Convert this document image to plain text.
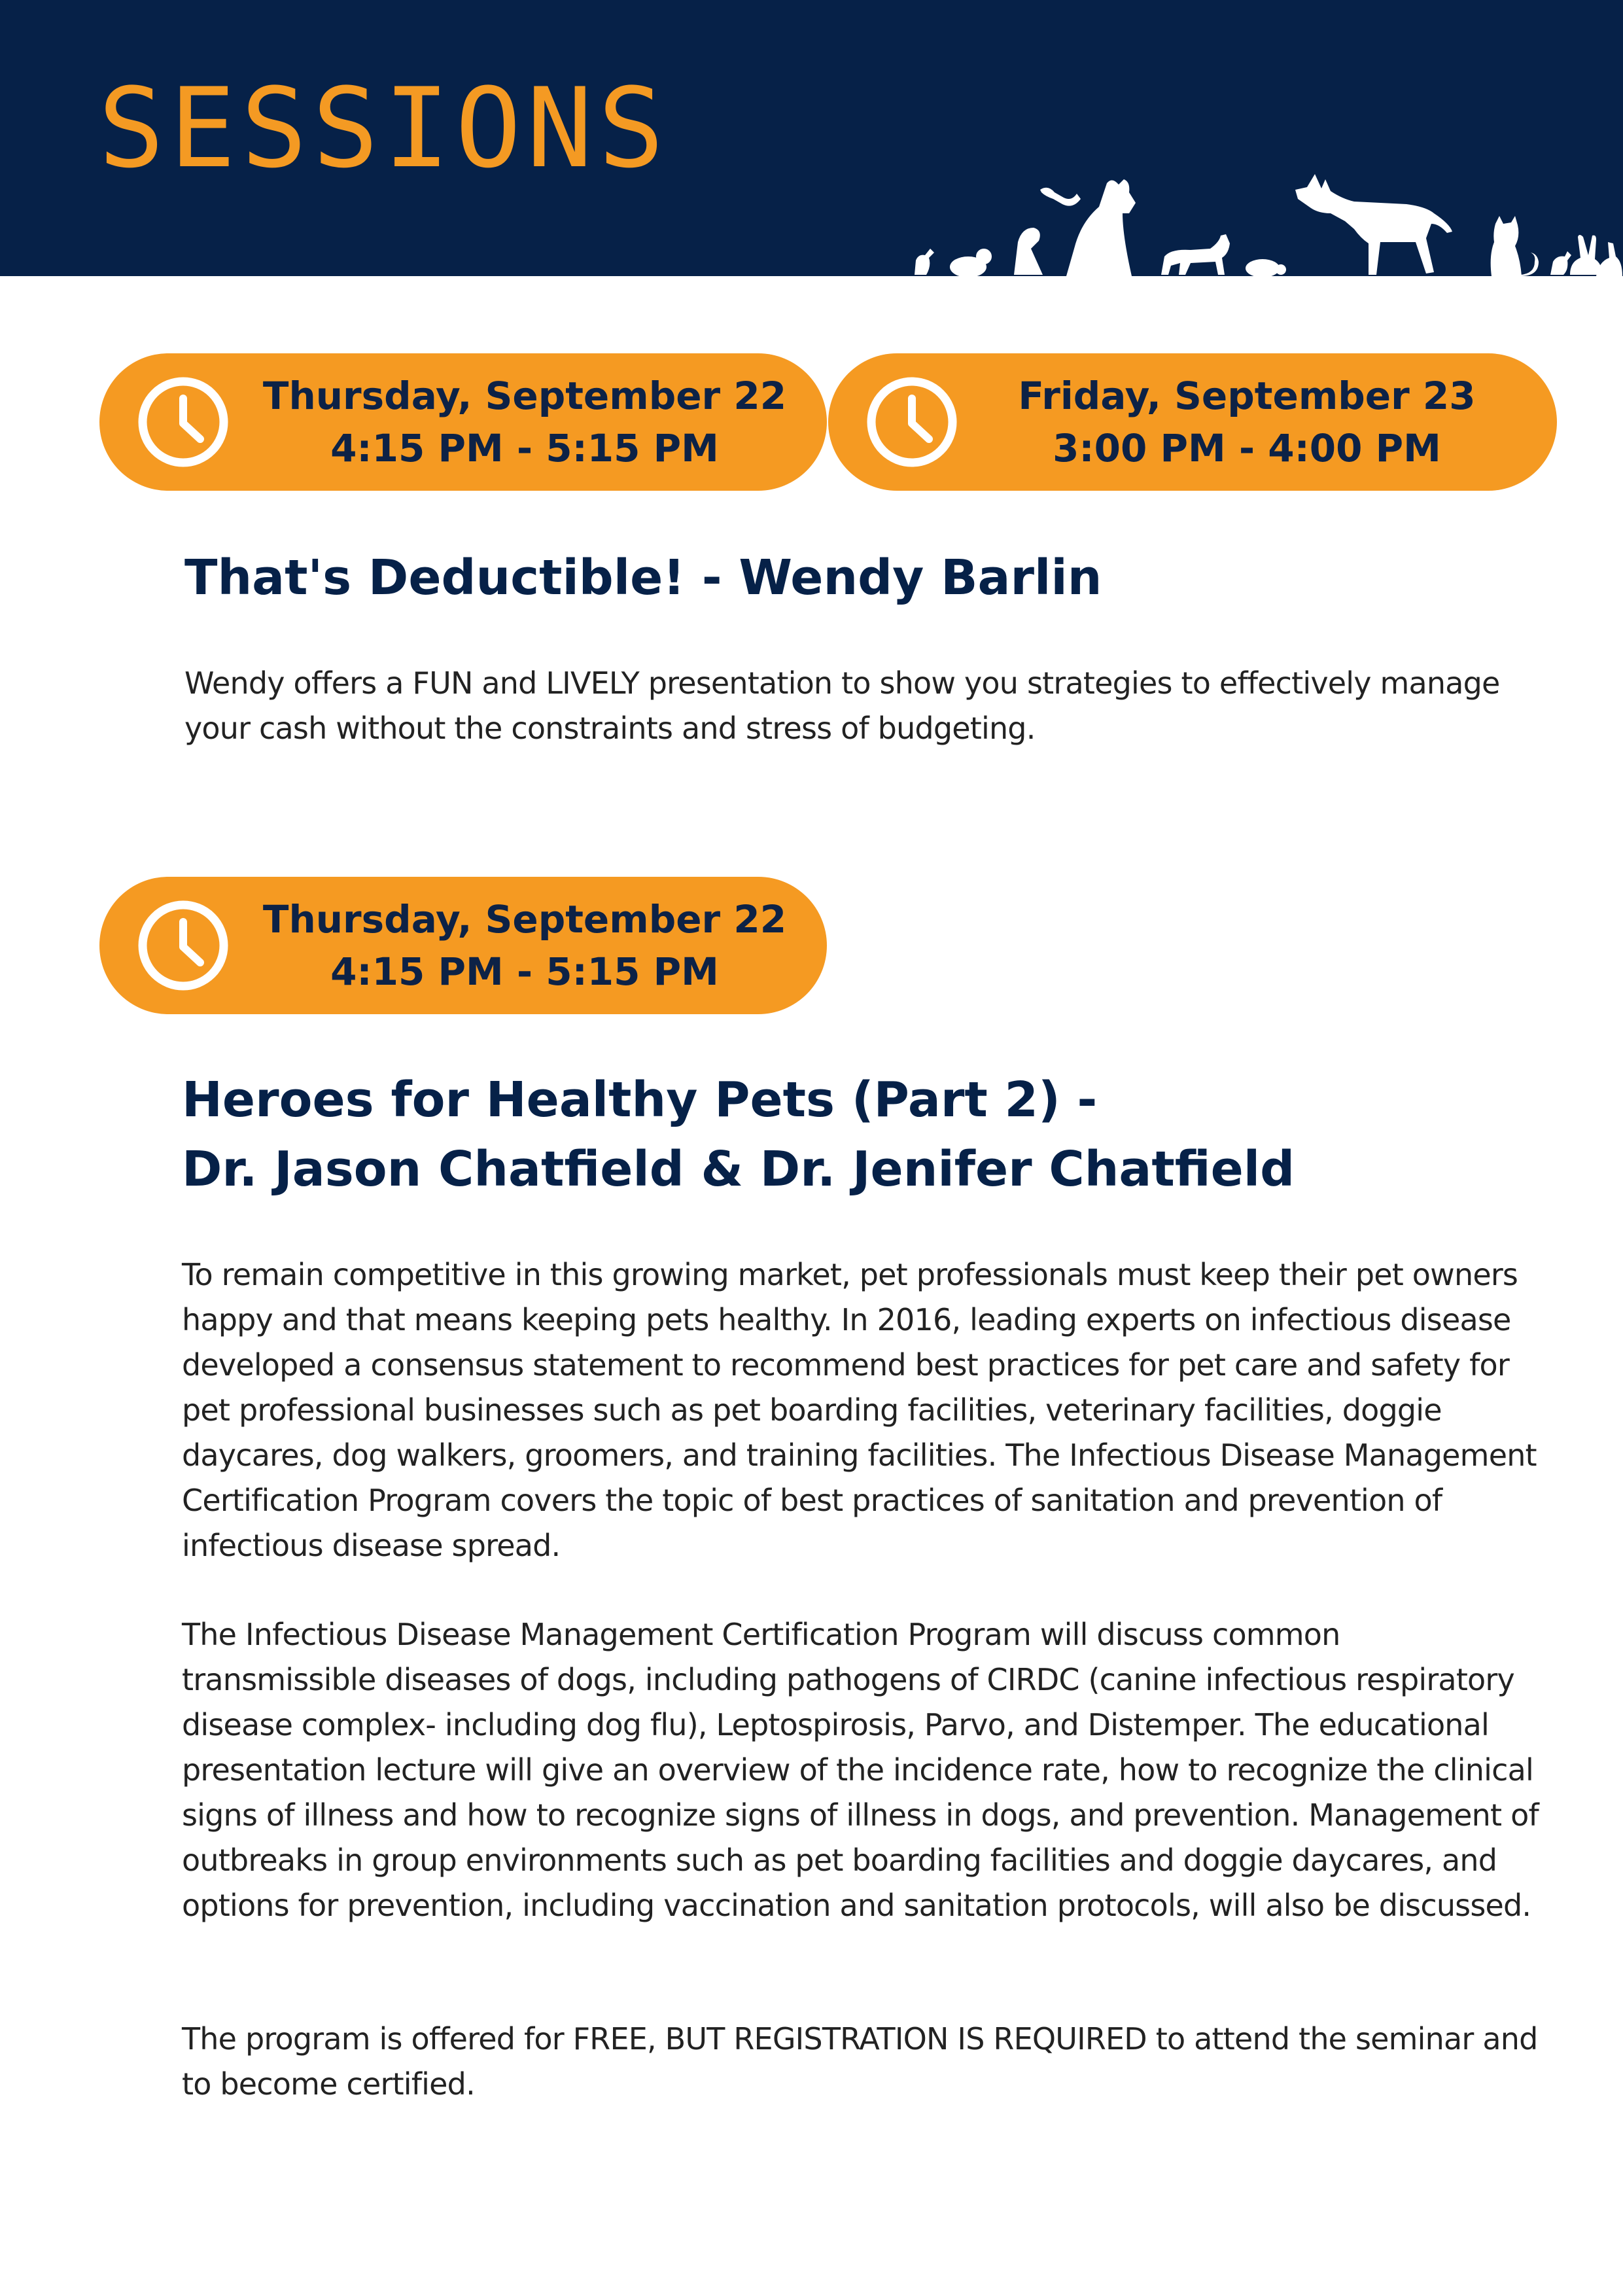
SESSIONS
Thursday, September 22
4:15 PM - 5:15 PM
Friday, September 23
3:00 PM - 4:00 PM
That's Deductible! - Wendy Barlin

Wendy offers a FUN and LIVELY presentation to show you strategies to effectively manage your cash without the constraints and stress of budgeting.

Thursday, September 22
4:15 PM - 5:15 PM
Heroes for Healthy Pets (Part 2) -
Dr. Jason Chatfield & Dr. Jenifer Chatfield

To remain competitive in this growing market, pet professionals must keep their pet owners happy and that means keeping pets healthy. In 2016, leading experts on infectious disease developed a consensus statement to recommend best practices for pet care and safety for pet professional businesses such as pet boarding facilities, veterinary facilities, doggie daycares, dog walkers, groomers, and training facilities. The Infectious Disease Management Certification Program covers the topic of best practices of sanitation and prevention of infectious disease spread.

The Infectious Disease Management Certification Program will discuss common transmissible diseases of dogs, including pathogens of CIRDC (canine infectious respiratory disease complex- including dog flu), Leptospirosis, Parvo, and Distemper. The educational presentation lecture will give an overview of the incidence rate, how to recognize the clinical signs of illness and how to recognize signs of illness in dogs, and prevention. Management of outbreaks in group environments such as pet boarding facilities and doggie daycares, and options for prevention, including vaccination and sanitation protocols, will also be discussed.

The program is offered for FREE, BUT REGISTRATION IS REQUIRED to attend the seminar and to become certified.
